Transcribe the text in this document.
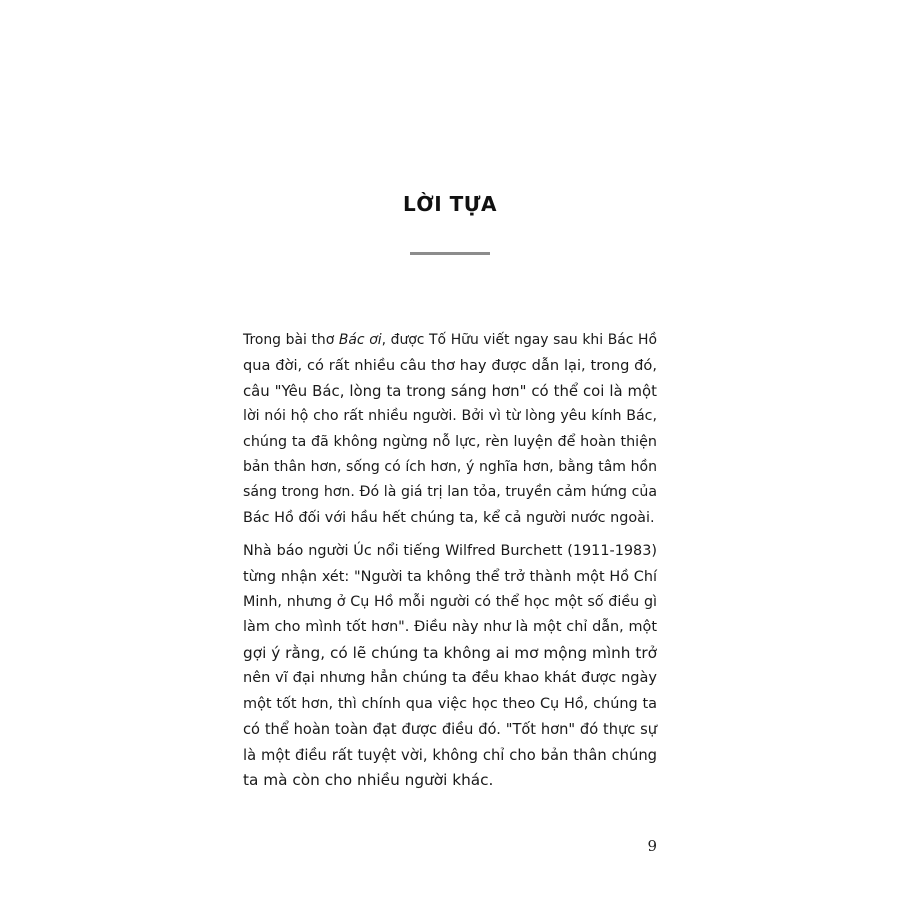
LỜI TỰA
Trong bài thơ Bác ơi, được Tố Hữu viết ngay sau khi Bác Hồ
qua đời, có rất nhiều câu thơ hay được dẫn lại, trong đó,
câu "Yêu Bác, lòng ta trong sáng hơn" có thể coi là một
lời nói hộ cho rất nhiều người. Bởi vì từ lòng yêu kính Bác,
chúng ta đã không ngừng nỗ lực, rèn luyện để hoàn thiện
bản thân hơn, sống có ích hơn, ý nghĩa hơn, bằng tâm hồn
sáng trong hơn. Đó là giá trị lan tỏa, truyền cảm hứng của
Bác Hồ đối với hầu hết chúng ta, kể cả người nước ngoài.
Nhà báo người Úc nổi tiếng Wilfred Burchett (1911-1983)
từng nhận xét: "Người ta không thể trở thành một Hồ Chí
Minh, nhưng ở Cụ Hồ mỗi người có thể học một số điều gì
làm cho mình tốt hơn". Điều này như là một chỉ dẫn, một
gợi ý rằng, có lẽ chúng ta không ai mơ mộng mình trở
nên vĩ đại nhưng hẳn chúng ta đều khao khát được ngày
một tốt hơn, thì chính qua việc học theo Cụ Hồ, chúng ta
có thể hoàn toàn đạt được điều đó. "Tốt hơn" đó thực sự
là một điều rất tuyệt vời, không chỉ cho bản thân chúng
ta mà còn cho nhiều người khác.
9
